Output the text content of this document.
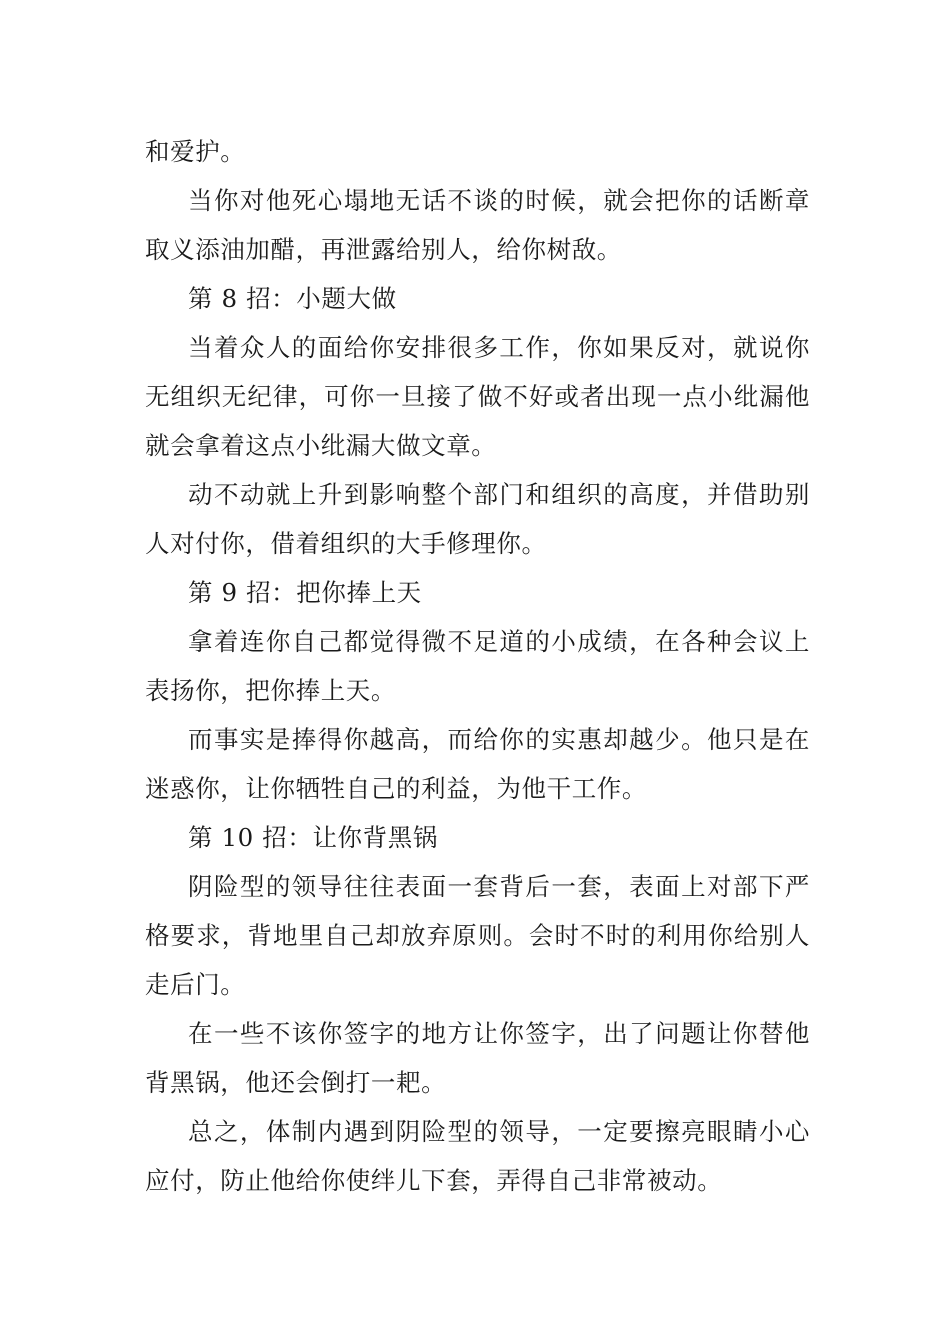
和爱护。

当你对他死心塌地无话不谈的时候，就会把你的话断章取义添油加醋，再泄露给别人，给你树敌。

第 8 招：小题大做

当着众人的面给你安排很多工作，你如果反对，就说你无组织无纪律，可你一旦接了做不好或者出现一点小纰漏他就会拿着这点小纰漏大做文章。

动不动就上升到影响整个部门和组织的高度，并借助别人对付你，借着组织的大手修理你。

第 9 招：把你捧上天

拿着连你自己都觉得微不足道的小成绩，在各种会议上表扬你，把你捧上天。

而事实是捧得你越高，而给你的实惠却越少。他只是在迷惑你，让你牺牲自己的利益，为他干工作。

第 10 招：让你背黑锅

阴险型的领导往往表面一套背后一套，表面上对部下严格要求，背地里自己却放弃原则。会时不时的利用你给别人走后门。

在一些不该你签字的地方让你签字，出了问题让你替他背黑锅，他还会倒打一耙。

总之，体制内遇到阴险型的领导，一定要擦亮眼睛小心应付，防止他给你使绊儿下套，弄得自己非常被动。
